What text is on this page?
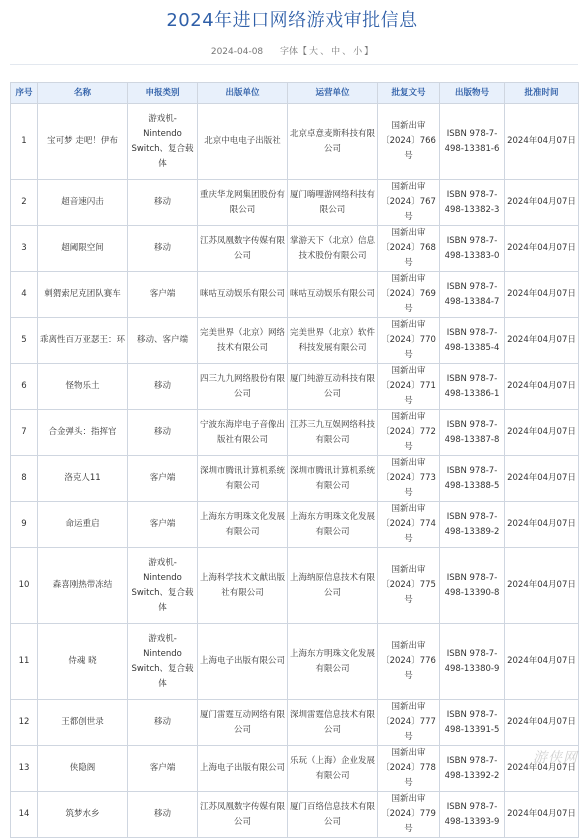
2024年进口网络游戏审批信息
2024-04-08 字体【 大 、 中 、 小 】
序号	名称	申报类别	出版单位	运营单位	批复文号	出版物号	批准时间
1	宝可梦 走吧！伊布	游戏机-Nintendo Switch、复合载体	北京中电电子出版社	北京卓意麦斯科技有限公司	国新出审〔2024〕766号	ISBN 978-7-498-13381-6	2024年04月07日
2	超音速闪击	移动	重庆华龙网集团股份有限公司	厦门嗨哩游网络科技有限公司	国新出审〔2024〕767号	ISBN 978-7-498-13382-3	2024年04月07日
3	超阈限空间	移动	江苏凤凰数字传媒有限公司	掌游天下（北京）信息技术股份有限公司	国新出审〔2024〕768号	ISBN 978-7-498-13383-0	2024年04月07日
4	刺猬索尼克团队赛车	客户端	咪咕互动娱乐有限公司	咪咕互动娱乐有限公司	国新出审〔2024〕769号	ISBN 978-7-498-13384-7	2024年04月07日
5	乖离性百万亚瑟王：环	移动、客户端	完美世界（北京）网络技术有限公司	完美世界（北京）软件科技发展有限公司	国新出审〔2024〕770号	ISBN 978-7-498-13385-4	2024年04月07日
6	怪物乐土	移动	四三九九网络股份有限公司	厦门纯游互动科技有限公司	国新出审〔2024〕771号	ISBN 978-7-498-13386-1	2024年04月07日
7	合金弹头：指挥官	移动	宁波东海岸电子音像出版社有限公司	江苏三九互娱网络科技有限公司	国新出审〔2024〕772号	ISBN 978-7-498-13387-8	2024年04月07日
8	洛克人11	客户端	深圳市腾讯计算机系统有限公司	深圳市腾讯计算机系统有限公司	国新出审〔2024〕773号	ISBN 978-7-498-13388-5	2024年04月07日
9	命运重启	客户端	上海东方明珠文化发展有限公司	上海东方明珠文化发展有限公司	国新出审〔2024〕774号	ISBN 978-7-498-13389-2	2024年04月07日
10	森喜刚热带冻结	游戏机-Nintendo Switch、复合载体	上海科学技术文献出版社有限公司	上海纳原信息技术有限公司	国新出审〔2024〕775号	ISBN 978-7-498-13390-8	2024年04月07日
11	侍魂 晓	游戏机-Nintendo Switch、复合载体	上海电子出版有限公司	上海东方明珠文化发展有限公司	国新出审〔2024〕776号	ISBN 978-7-498-13380-9	2024年04月07日
12	王都创世录	移动	厦门雷霆互动网络有限公司	深圳雷霆信息技术有限公司	国新出审〔2024〕777号	ISBN 978-7-498-13391-5	2024年04月07日
13	侠隐阁	客户端	上海电子出版有限公司	乐玩（上海）企业发展有限公司	国新出审〔2024〕778号	ISBN 978-7-498-13392-2	2024年04月07日
14	筑梦水乡	移动	江苏凤凰数字传媒有限公司	厦门百络信息技术有限公司	国新出审〔2024〕779号	ISBN 978-7-498-13393-9	2024年04月07日
游侠网
